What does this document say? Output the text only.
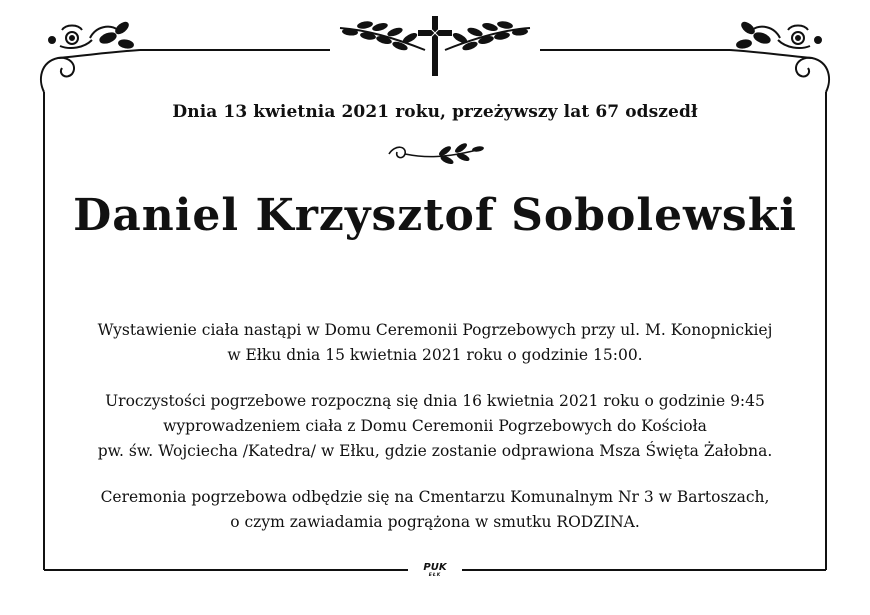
Dnia 13 kwietnia 2021 roku, przeżywszy lat 67 odszedł
Daniel Krzysztof Sobolewski

Wystawienie ciała nastąpi w Domu Ceremonii Pogrzebowych przy ul. M. Konopnickiej
w Ełku dnia 15 kwietnia 2021 roku o godzinie 15:00.

Uroczystości pogrzebowe rozpoczną się dnia 16 kwietnia 2021 roku o godzinie 9:45
wyprowadzeniem ciała z Domu Ceremonii Pogrzebowych do Kościoła
pw. św. Wojciecha /Katedra/ w Ełku, gdzie zostanie odprawiona Msza Święta Żałobna.

Ceremonia pogrzebowa odbędzie się na Cmentarzu Komunalnym Nr 3 w Bartoszach,
o czym zawiadamia pogrążona w smutku RODZINA.

PUK
EŁK
